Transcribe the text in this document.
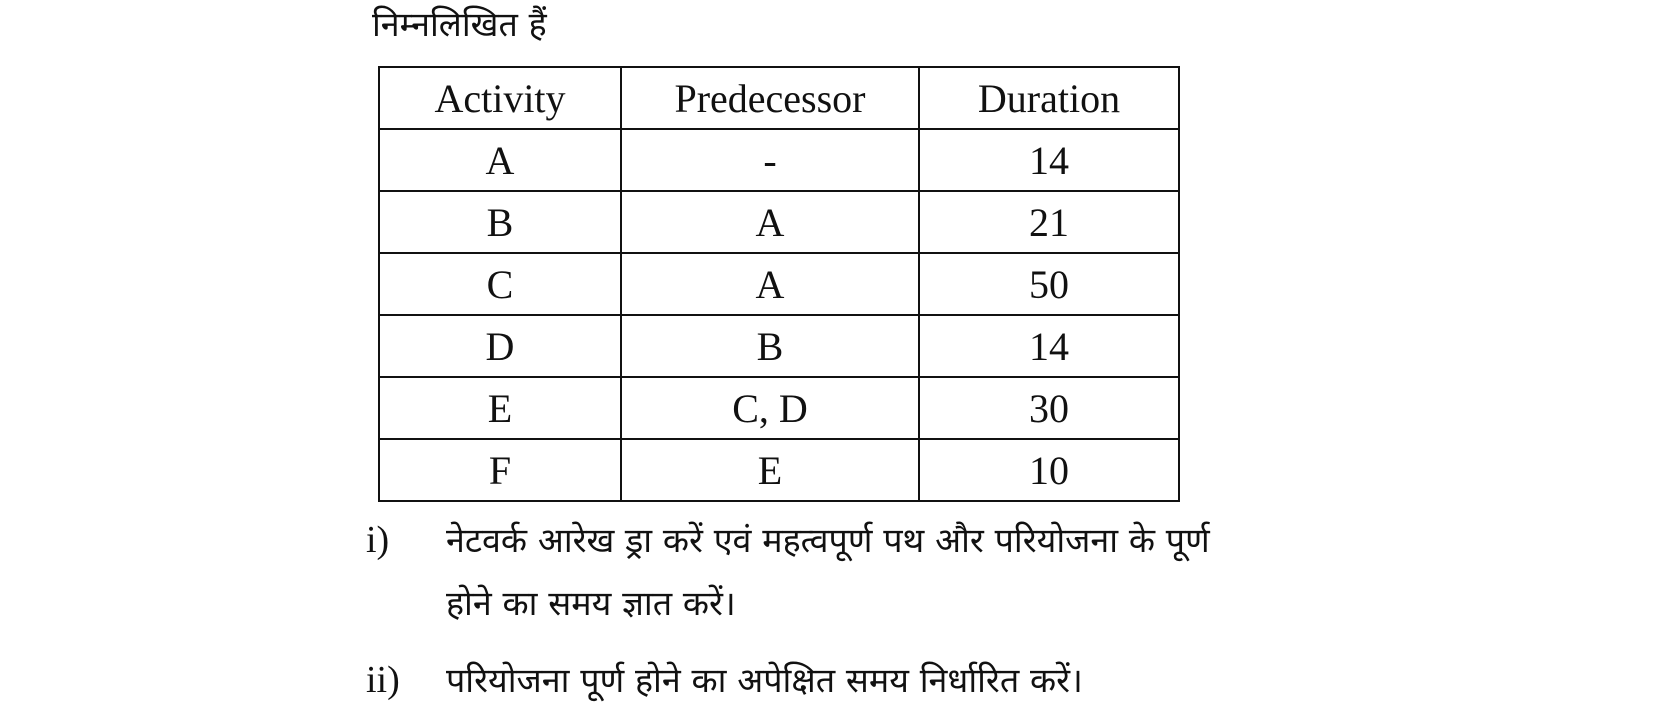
निम्नलिखित हैं
Activity	Predecessor	Duration
A	-	14
B	A	21
C	A	50
D	B	14
E	C, D	30
F	E	10
i) नेटवर्क आरेख ड्रा करें एवं महत्वपूर्ण पथ और परियोजना के पूर्ण
होने का समय ज्ञात करें।
ii) परियोजना पूर्ण होने का अपेक्षित समय निर्धारित करें।
